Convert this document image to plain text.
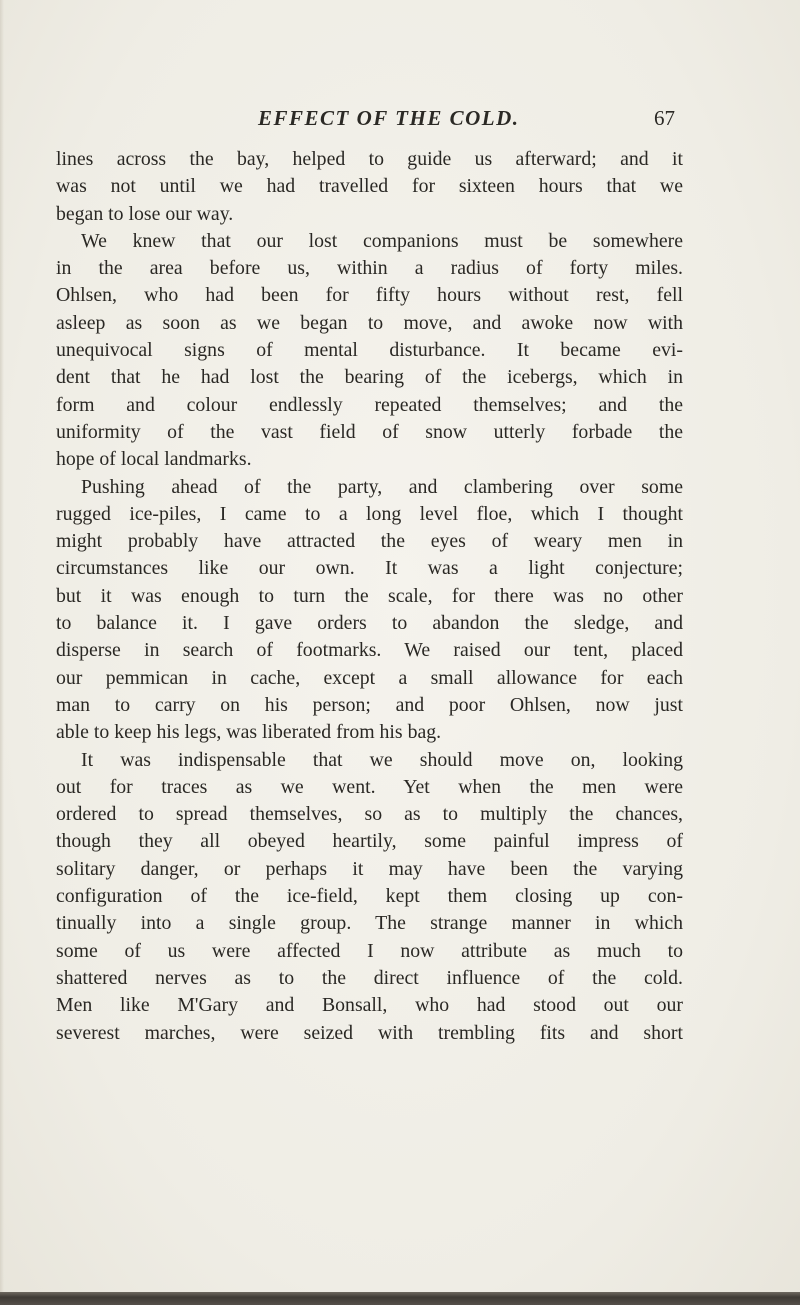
EFFECT OF THE COLD.	67
lines across the bay, helped to guide us afterward; and it
was not until we had travelled for sixteen hours that we
began to lose our way.
We knew that our lost companions must be somewhere
in the area before us, within a radius of forty miles.
Ohlsen, who had been for fifty hours without rest, fell
asleep as soon as we began to move, and awoke now with
unequivocal signs of mental disturbance. It became evi-
dent that he had lost the bearing of the icebergs, which in
form and colour endlessly repeated themselves; and the
uniformity of the vast field of snow utterly forbade the
hope of local landmarks.
Pushing ahead of the party, and clambering over some
rugged ice-piles, I came to a long level floe, which I thought
might probably have attracted the eyes of weary men in
circumstances like our own. It was a light conjecture;
but it was enough to turn the scale, for there was no other
to balance it. I gave orders to abandon the sledge, and
disperse in search of footmarks. We raised our tent, placed
our pemmican in cache, except a small allowance for each
man to carry on his person; and poor Ohlsen, now just
able to keep his legs, was liberated from his bag.
It was indispensable that we should move on, looking
out for traces as we went. Yet when the men were
ordered to spread themselves, so as to multiply the chances,
though they all obeyed heartily, some painful impress of
solitary danger, or perhaps it may have been the varying
configuration of the ice-field, kept them closing up con-
tinually into a single group. The strange manner in which
some of us were affected I now attribute as much to
shattered nerves as to the direct influence of the cold.
Men like M'Gary and Bonsall, who had stood out our
severest marches, were seized with trembling fits and short
